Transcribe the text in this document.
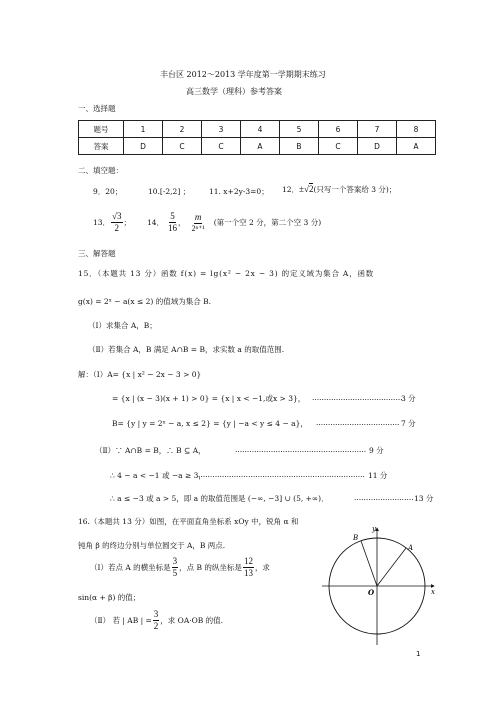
丰台区 2012～2013 学年度第一学期期末练习
高三数学（理科）参考答案
一、选择题
题号	1	2	3	4	5	6	7	8
答案	D	C	C	A	B	C	D	A
二、填空题：
9．20；	10.[-2,2] ；	11. x+2y-3=0； 12．±√2(只写一个答案给 3 分)；
13． $\frac{√3}{2}$ ； 14． $\frac{5}{16}$ ， $\frac{m}{\text{2ⁿ⁺¹}}$ (第一个空 2 分，第二个空 3 分)
三、解答题
15．（本题共 13 分）函数 f(x) = lg(x² − 2x − 3) 的定义域为集合 A，函数
g(x) = 2ˣ − a(x ≤ 2) 的值域为集合 B.
（Ⅰ）求集合 A，B；
（Ⅱ）若集合 A，B 满足 A∩B = B，求实数 a 的取值范围.
解：（Ⅰ）A= {x | x² − 2x − 3 > 0}
= {x | (x − 3)(x + 1) > 0} = {x | x < −1,或x > 3}， ......................................
3 分
B= {y | y = 2ˣ − a, x ≤ 2} = {y | −a < y ≤ 4 − a}， ................................... 7 分
（Ⅱ）∵ A∩B = B，∴ B ⊆ A，	....................................................... 9 分
∴ 4 − a < −1 或 −a ≥ 3，
...................................................................... 11 分
∴ a ≤ −3 或 a > 5，即 a 的取值范围是 (−∞, −3] ∪ (5, +∞)．	......................... 13 分
16.（本题共 13 分）如图，在平面直角坐标系 xOy 中，锐角 α 和
钝角 β 的终边分别与单位圆交于 A，B 两点.
（Ⅰ）若点 A 的横坐标是 $\frac{3}{5}$ ，点 B 的纵坐标是 $\frac{12}{13}$ ，求
sin(α + β) 的值；
（Ⅱ） 若 | AB | = $\frac{3}{2}$ ，求 OA·OB 的值.
y
x
O
A
B
1
